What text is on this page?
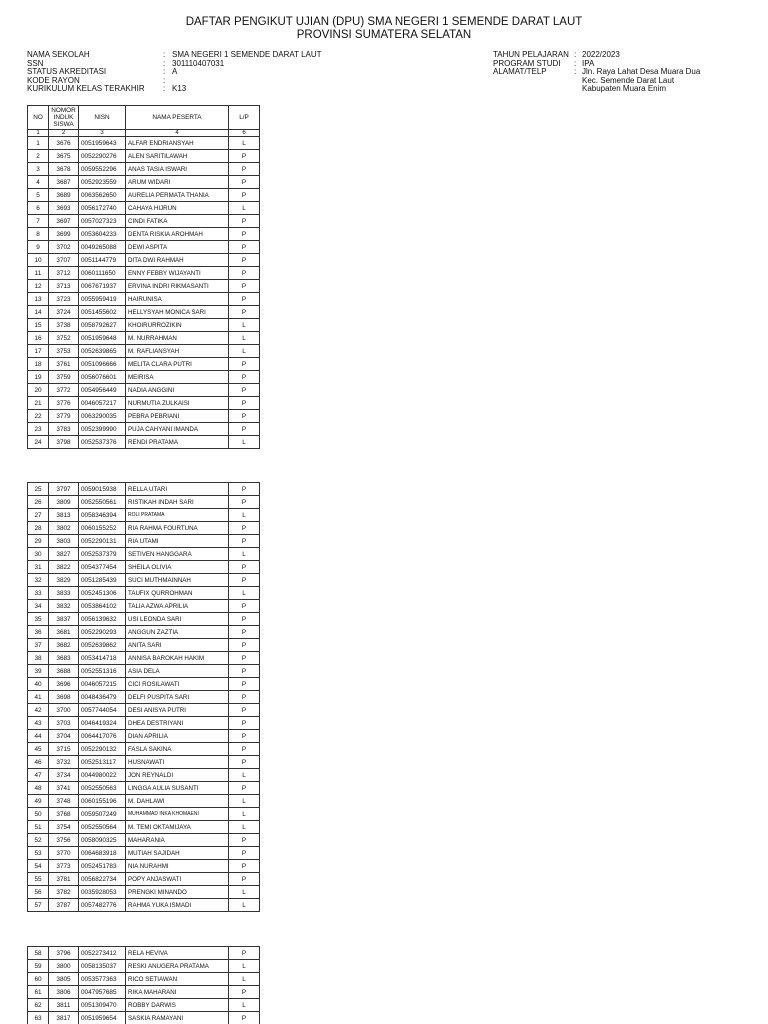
DAFTAR PENGIKUT UJIAN (DPU) SMA NEGERI 1 SEMENDE DARAT LAUT
PROVINSI SUMATERA SELATAN
NAMA SEKOLAH	: SMA NEGERI 1 SEMENDE DARAT LAUT
SSN	: 301110407031
STATUS AKREDITASI	: A
KODE RAYON	:
KURIKULUM KELAS TERAKHIR	: K13
TAHUN PELAJARAN : 2022/2023
PROGRAM STUDI	: IPA
ALAMAT/TELP	: Jln. Raya Lahat Desa Muara Dua
Kec. Semende Darat Laut
Kabupaten Muara Enim
NO	NOMOR INDUK SISWA	NISN	NAMA PESERTA	L/P
1	2	3	4	6
1	3676	0051959643	ALFAR ENDRIANSYAH	L
2	3675	0052290276	ALEN SARITILAWAH	P
3	3678	0059552296	ANAS TASIA ISWARI	P
4	3687	0052923559	ARUM WIDARI	P
5	3689	0063562650	AURELIA PERMATA THANIA	P
6	3693	0056172740	CAHAYA HIJRUN	L
7	3697	0057027323	CINDI FATIKA	P
8	3699	0053604233	DENTA RISKIA AROHMAH	P
9	3702	0049265088	DEWI ASPITA	P
10	3707	0051144779	DITA DWI RAHMAH	P
11	3712	0060111650	ENNY FEBBY WIJAYANTI	P
12	3713	0067671937	ERVINA INDRI RIKMASANTI	P
13	3723	0055959419	HAIRUNISA	P
14	3724	0051455602	HELLYSYAH MONICA SARI	P
15	3738	0058792627	KHOIRURROZIKIN	L
16	3752	0051959648	M. NURRAHMAN	L
17	3753	0052639865	M. RAFLIANSYAH	L
18	3761	0051096666	MELITA CLARA PUTRI	P
19	3759	0056076601	MEIRISA	P
20	3772	0054956449	NADIA ANGGINI	P
21	3776	0046057217	NURMUTIA ZULKAISI	P
22	3779	0063290035	PEBRA PEBRIANI	P
23	3783	0052399990	PUJA CAHYANI IMANDA	P
24	3798	0052537376	RENDI PRATAMA	L
25	3797	0059015938	RELLA UTARI	P
26	3809	0052550561	RISTIKAH INDAH SARI	P
27	3813	0058346394	ROLI PRATAMA	L
28	3802	0060155252	RIA RAHMA FOURTUNA	P
29	3803	0052290131	RIA UTAMI	P
30	3827	0052537379	SETIVEN HANGGARA	L
31	3822	0054377454	SHEILA OLIVIA	P
32	3829	0051285439	SUCI MUTHMAINNAH	P
33	3833	0052451306	TAUFIX QURROHMAN	L
34	3832	0053864102	TALIA AZWA APRILIA	P
35	3837	0056139632	USI LEONDA SARI	P
36	3681	0052290293	ANGGUN ZAZTIA	P
37	3682	0052639862	ANITA SARI	P
38	3683	0053414718	ANNISA BAROKAH HAKIM	P
39	3688	0052551316	ASIA DELA	P
40	3696	0046057215	CICI ROSILAWATI	P
41	3698	0048436479	DELFI PUSPITA SARI	P
42	3700	0057744054	DESI ANISYA PUTRI	P
43	3703	0046419324	DHEA DESTRIYANI	P
44	3704	0064417076	DIAN APRILIA	P
45	3715	0052290132	FASLA SAKINA	P
46	3732	0052513117	HUSNAWATI	P
47	3734	0044980022	JON REYNALDI	L
48	3741	0052550563	LINGGA AULIA SUSANTI	P
49	3748	0060155196	M. DAHLAWI	L
50	3768	0059507249	MUHAMMAD INKA KHOMAENI	L
51	3754	0052550564	M. TEMI OKTAMIJAYA	L
52	3756	0058090325	MAHARANIA	P
53	3770	0064683918	MUTIAH SAJIDAH	P
54	3773	0052451783	NIA NURAHMI	P
55	3781	0056822734	POPY ANJASWATI	P
56	3782	0035928053	PRENGKI MINANDO	L
57	3787	0057482776	RAHMA YUKA ISMADI	L
58	3796	0052273412	RELA HEVIVA	P
59	3800	0058135037	RESKI ANUGERA PRATAMA	L
60	3805	0053577363	RICO SETIAWAN	L
61	3806	0047957685	RIKA MAHARANI	P
62	3811	0051309470	ROBBY DARWIS	L
63	3817	0051959654	SASKIA RAMAYANI	P
